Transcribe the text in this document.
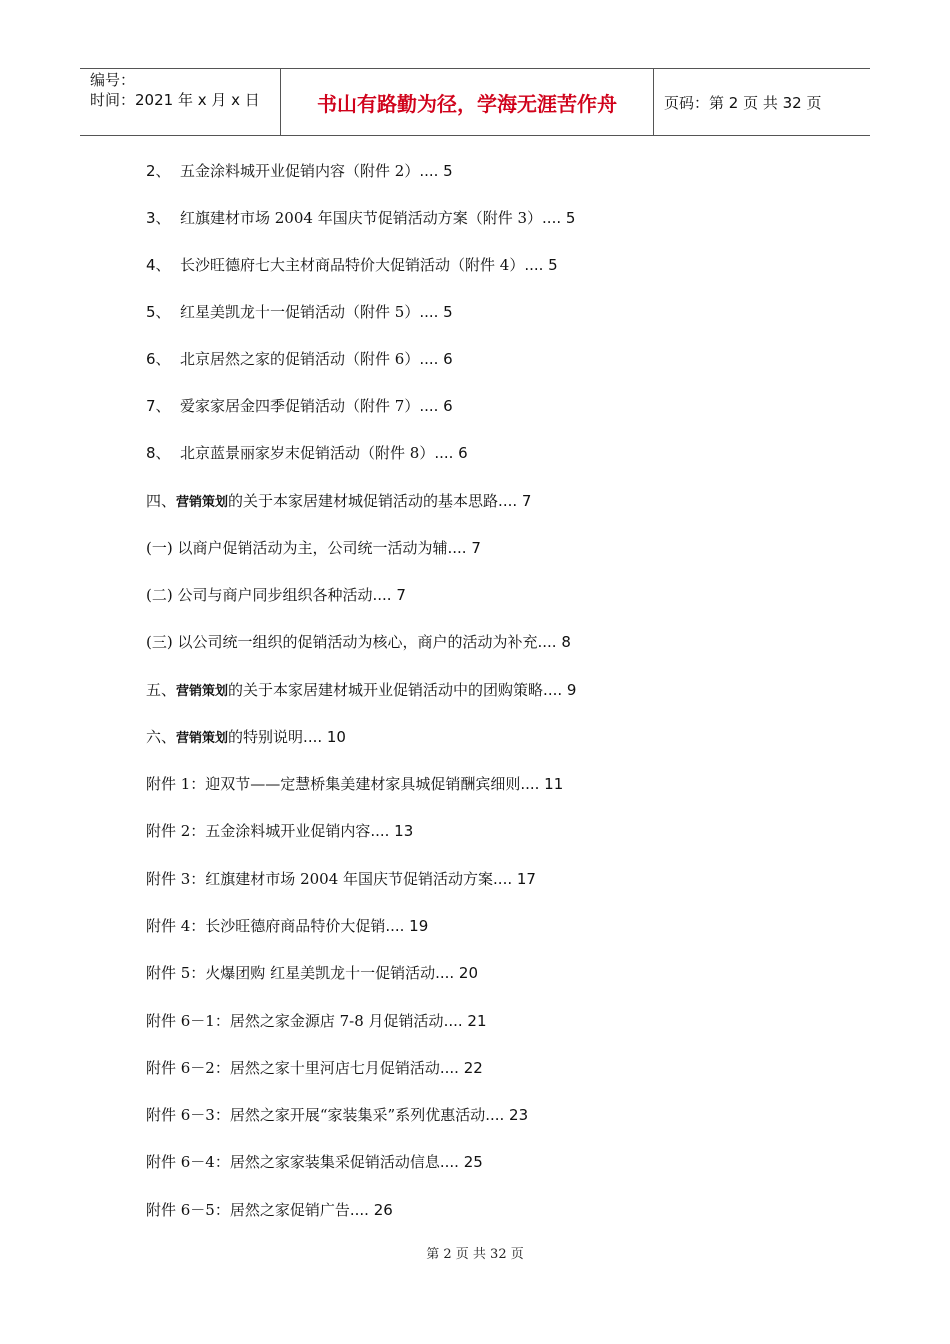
编号：
时间：2021 年 x 月 x 日	书山有路勤为径，学海无涯苦作舟	页码：第 2 页 共 32 页
2、 五金涂料城开业促销内容（附件 2）.... 5
3、 红旗建材市场 2004 年国庆节促销活动方案（附件 3）.... 5
4、 长沙旺德府七大主材商品特价大促销活动（附件 4）.... 5
5、 红星美凯龙十一促销活动（附件 5）.... 5
6、 北京居然之家的促销活动（附件 6）.... 6
7、 爱家家居金四季促销活动（附件 7）.... 6
8、 北京蓝景丽家岁末促销活动（附件 8）.... 6
四、营销策划的关于本家居建材城促销活动的基本思路.... 7
(一) 以商户促销活动为主，公司统一活动为辅.... 7
(二) 公司与商户同步组织各种活动.... 7
(三) 以公司统一组织的促销活动为核心，商户的活动为补充.... 8
五、营销策划的关于本家居建材城开业促销活动中的团购策略.... 9
六、营销策划的特别说明.... 10
附件 1：迎双节——定慧桥集美建材家具城促销酬宾细则.... 11
附件 2：五金涂料城开业促销内容.... 13
附件 3：红旗建材市场 2004 年国庆节促销活动方案.... 17
附件 4：长沙旺德府商品特价大促销.... 19
附件 5：火爆团购 红星美凯龙十一促销活动.... 20
附件 6－1：居然之家金源店 7-8 月促销活动.... 21
附件 6－2：居然之家十里河店七月促销活动.... 22
附件 6－3：居然之家开展“家装集采”系列优惠活动.... 23
附件 6－4：居然之家家装集采促销活动信息.... 25
附件 6－5：居然之家促销广告.... 26
第 2 页 共 32 页
